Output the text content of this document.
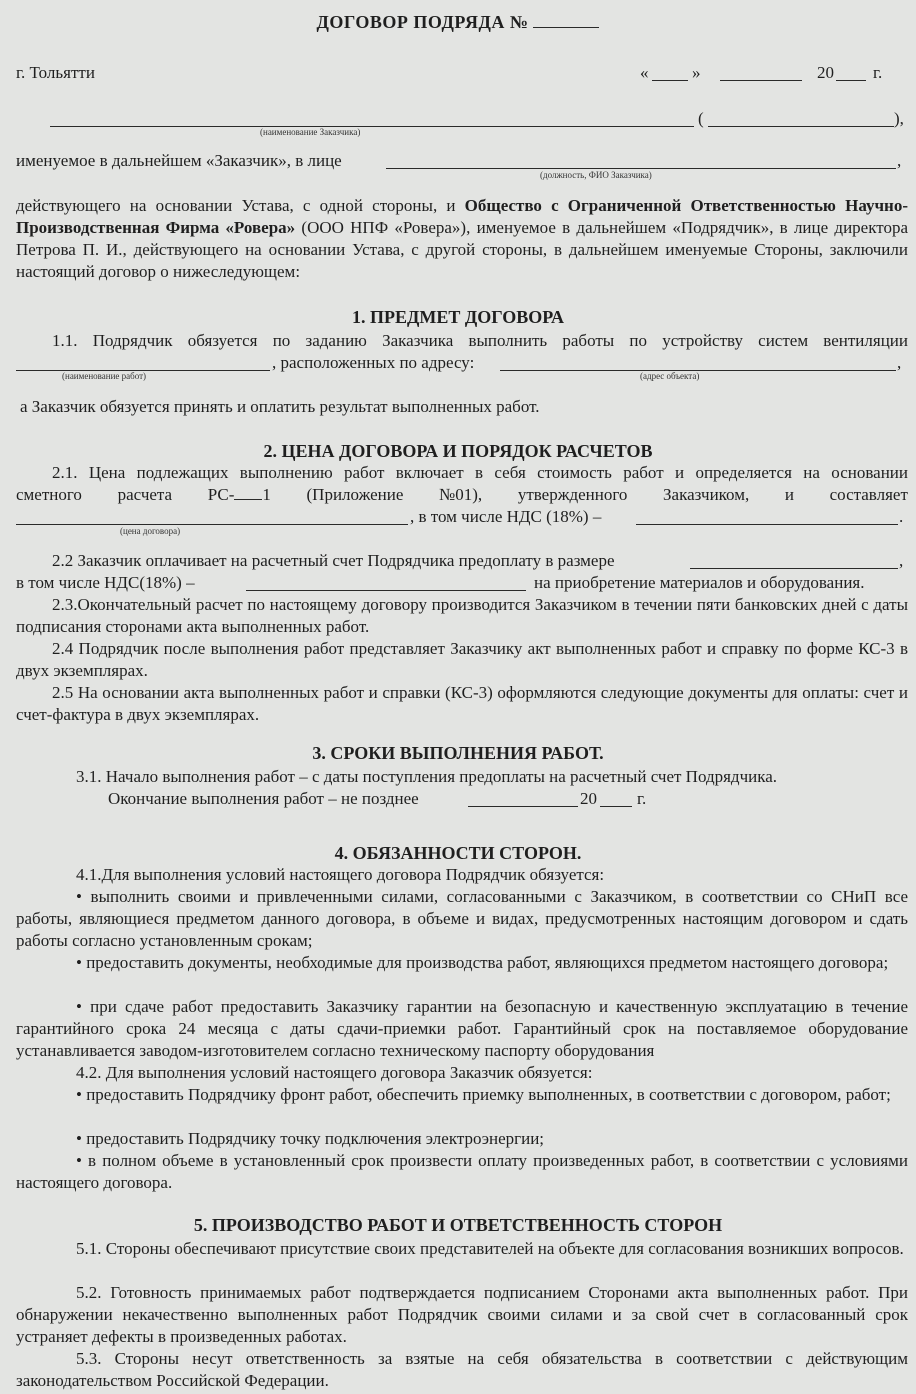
ДОГОВОР ПОДРЯДА №
г. Тольятти	«	»	20 г.
(	),
(наименование Заказчика)
именуемое в дальнейшем «Заказчик», в лице	,
(должность, ФИО Заказчика)
действующего на основании Устава, с одной стороны, и Общество с Ограниченной Ответственностью Научно-Производственная Фирма «Ровера» (ООО НПФ «Ровера»), именуемое в дальнейшем «Подрядчик», в лице директора Петрова П. И., действующего на основании Устава, с другой стороны, в дальнейшем именуемые Стороны, заключили настоящий договор о нижеследующем:
1. ПРЕДМЕТ ДОГОВОРА
1.1. Подрядчик обязуется по заданию Заказчика выполнить работы по устройству систем вентиляции
, расположенных по адресу:	,
(наименование работ)	(адрес объекта)
а Заказчик обязуется принять и оплатить результат выполненных работ.
2. ЦЕНА ДОГОВОРА И ПОРЯДОК РАСЧЕТОВ
2.1. Цена подлежащих выполнению работ включает в себя стоимость работ и определяется на основании
сметного расчета РС- 1 (Приложение №01), утвержденного Заказчиком, и составляет
, в том числе НДС (18%) –	.
(цена договора)
2.2 Заказчик оплачивает на расчетный счет Подрядчика предоплату в размере	,
в том числе НДС(18%) –	на приобретение материалов и оборудования.
2.3.Окончательный расчет по настоящему договору производится Заказчиком в течении пяти банковских дней с даты подписания сторонами акта выполненных работ.
2.4 Подрядчик после выполнения работ представляет Заказчику акт выполненных работ и справку по форме КС-3 в двух экземплярах.
2.5 На основании акта выполненных работ и справки (КС-3) оформляются следующие документы для оплаты: счет и счет-фактура в двух экземплярах.
3. СРОКИ ВЫПОЛНЕНИЯ РАБОТ.
3.1. Начало выполнения работ – с даты поступления предоплаты на расчетный счет Подрядчика.
Окончание выполнения работ – не позднее	20 г.
4. ОБЯЗАННОСТИ СТОРОН.
4.1.Для выполнения условий настоящего договора Подрядчик обязуется:
• выполнить своими и привлеченными силами, согласованными с Заказчиком, в соответствии со СНиП все работы, являющиеся предметом данного договора, в объеме и видах, предусмотренных настоящим договором и сдать работы согласно установленным срокам;
• предоставить документы, необходимые для производства работ, являющихся предметом настоящего договора;
• при сдаче работ предоставить Заказчику гарантии на безопасную и качественную эксплуатацию в течение гарантийного срока 24 месяца с даты сдачи-приемки работ. Гарантийный срок на поставляемое оборудование устанавливается заводом-изготовителем согласно техническому паспорту оборудования
4.2. Для выполнения условий настоящего договора Заказчик обязуется:
• предоставить Подрядчику фронт работ, обеспечить приемку выполненных, в соответствии с договором, работ;
• предоставить Подрядчику точку подключения электроэнергии;
• в полном объеме в установленный срок произвести оплату произведенных работ, в соответствии с условиями настоящего договора.
5. ПРОИЗВОДСТВО РАБОТ И ОТВЕТСТВЕННОСТЬ СТОРОН
5.1. Стороны обеспечивают присутствие своих представителей на объекте для согласования возникших вопросов.
5.2. Готовность принимаемых работ подтверждается подписанием Сторонами акта выполненных работ. При обнаружении некачественно выполненных работ Подрядчик своими силами и за свой счет в согласованный срок устраняет дефекты в произведенных работах.
5.3. Стороны несут ответственность за взятые на себя обязательства в соответствии с действующим законодательством Российской Федерации.
